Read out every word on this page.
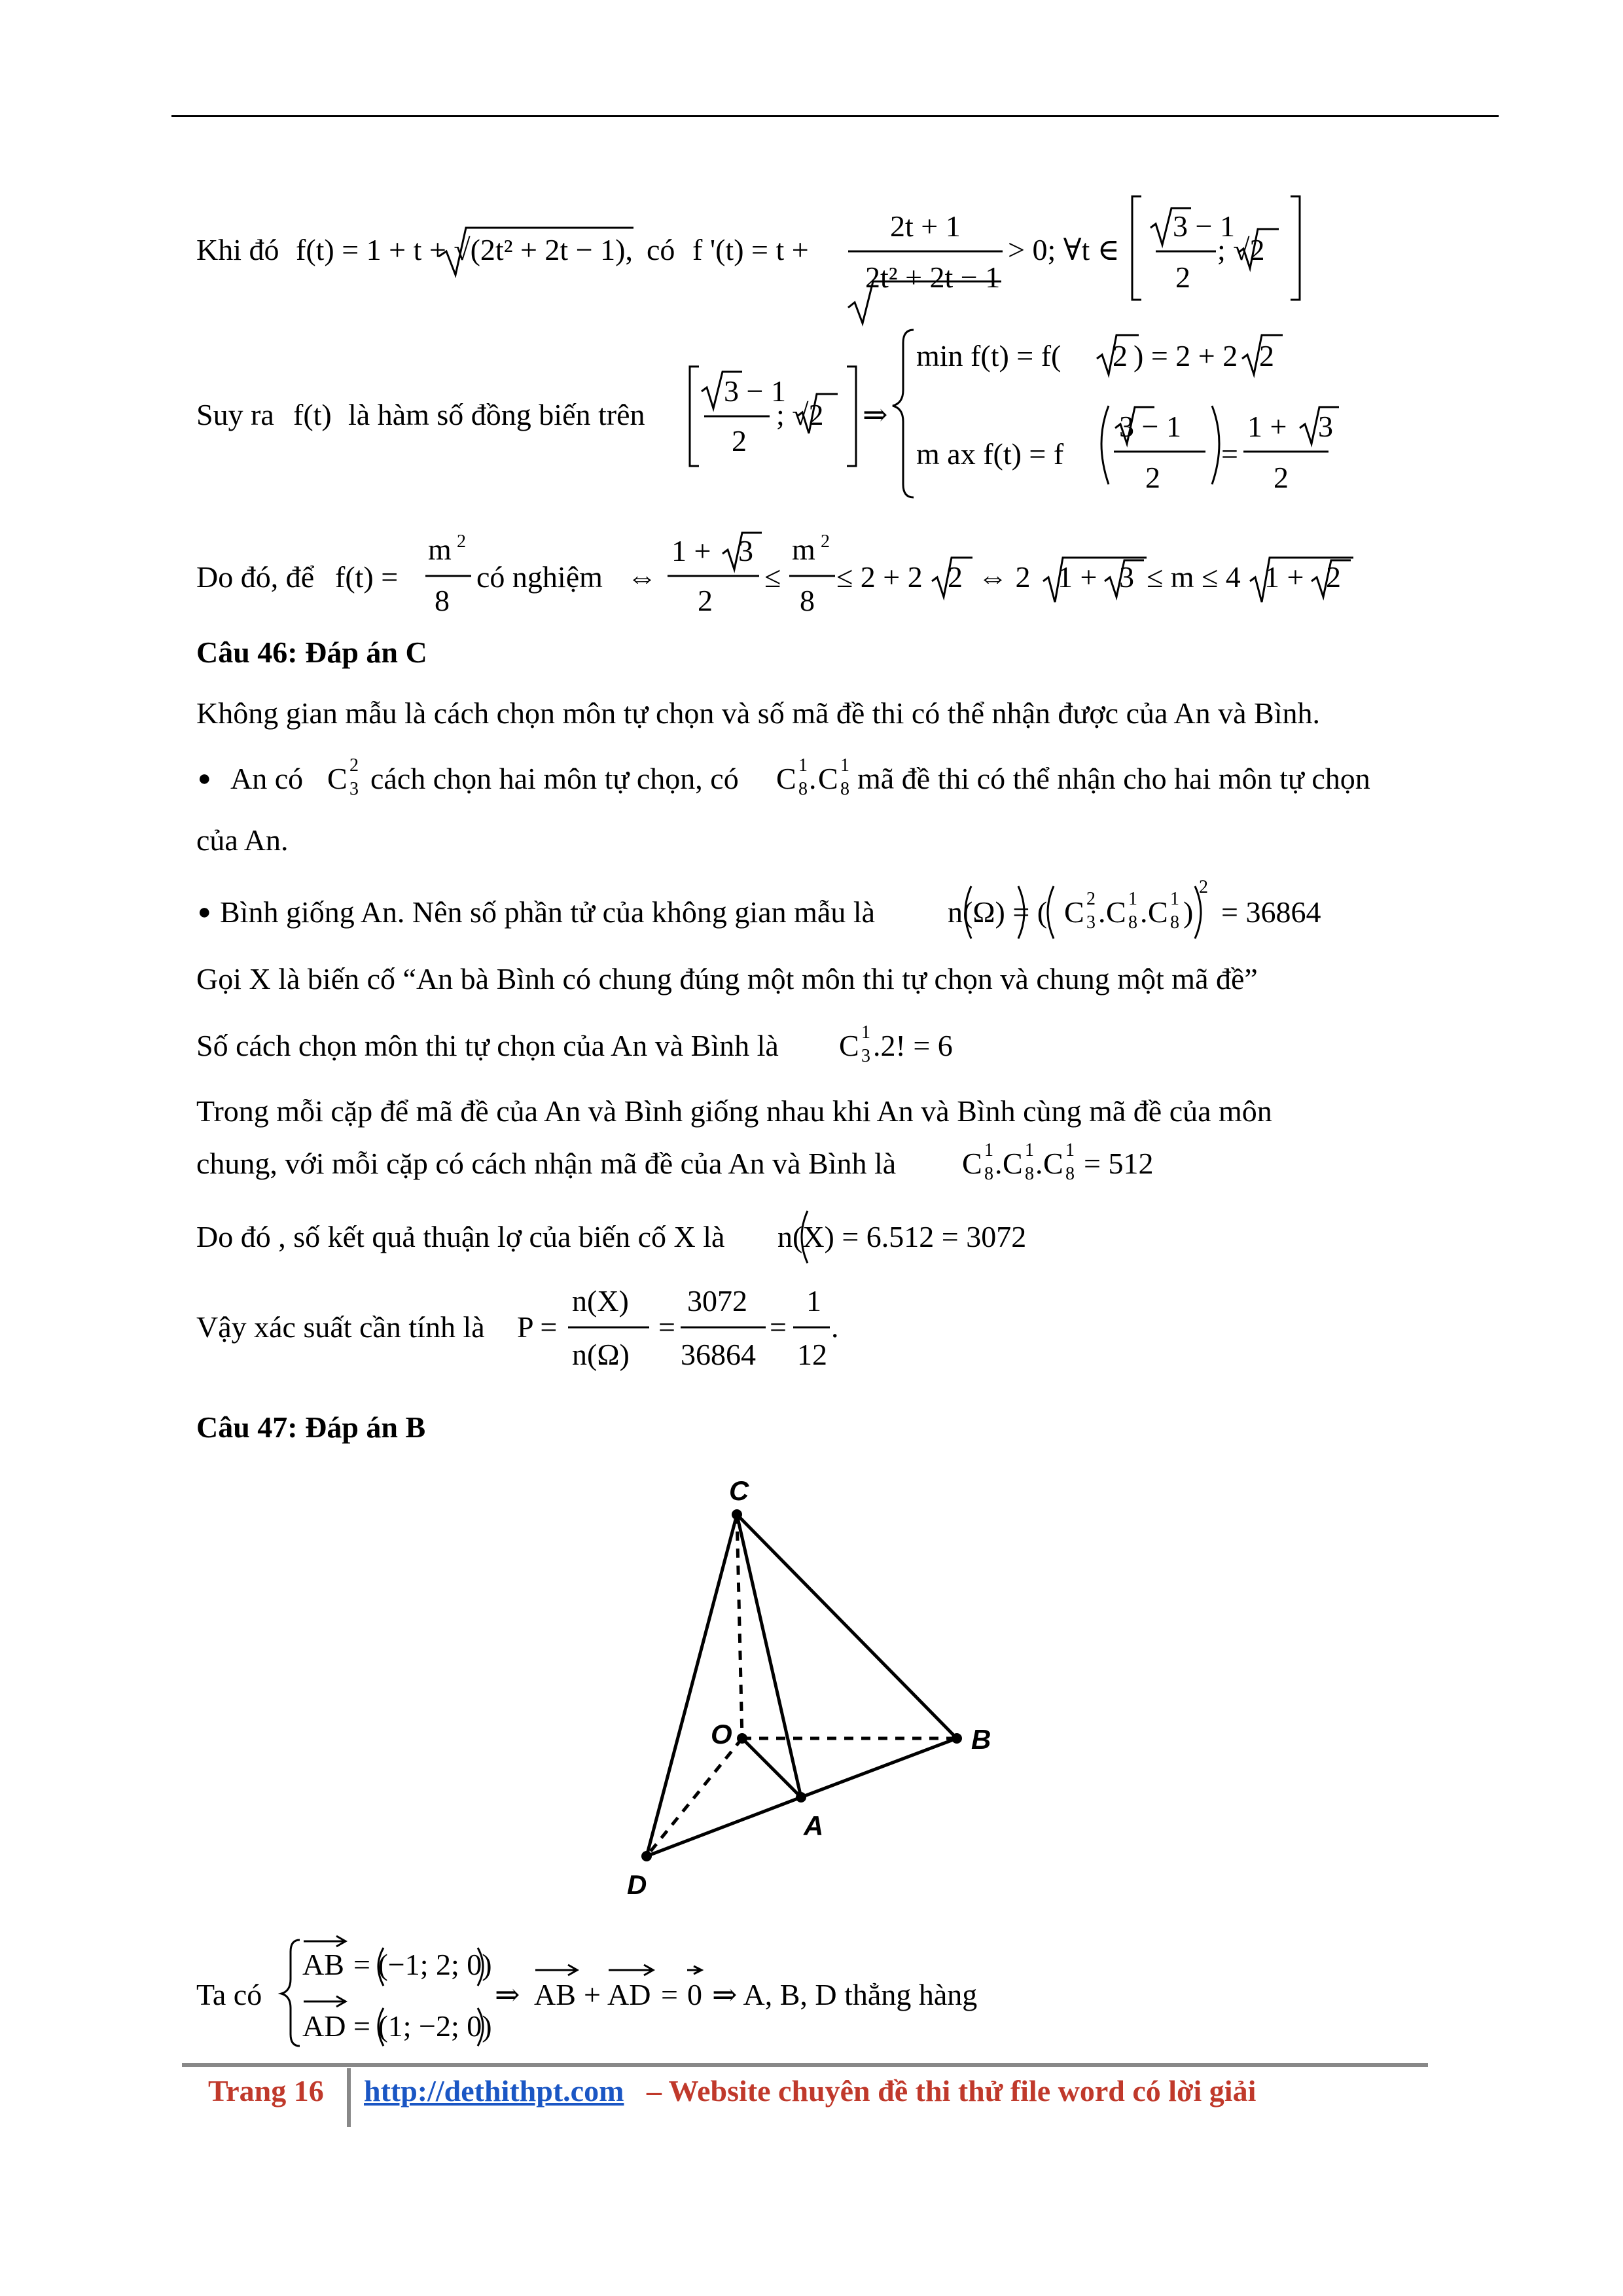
Khi đó f(t) = 1 + t + √(2t² + 2t − 1), có f '(t) = t +
2t + 1
2t² + 2t − 1
> 0; ∀t ∈
3 − 1
2
; √2
Suy ra f(t) là hàm số đồng biến trên
3 − 1
2
; √2 ⇒
min f(t) = f( 2 ) = 2 + 2 2
m ax f(t) = f
3 − 1
2
=
1 + 3
2
Do đó, để f(t) =
m 2
8
có nghiệm ⇔
1 + 3
2
≤
m 2
8
≤ 2 + 2 2 ⇔ 2 1 + 3 ≤ m ≤ 4 1 + 2
Câu 46: Đáp án C
Không gian mẫu là cách chọn môn tự chọn và số mã đề thi có thể nhận được của An và Bình.
● An có C 2
3 cách chọn hai môn tự chọn, có C 1
8 . C 1
8 mã đề thi có thể nhận cho hai môn tự chọn
của An.
● Bình giống An. Nên số phần tử của không gian mẫu là n(Ω) = ( C 2
3 . C 1
8 . C 1
8 )
2
= 36864
Gọi X là biến cố “An bà Bình có chung đúng một môn thi tự chọn và chung một mã đề”
Số cách chọn môn thi tự chọn của An và Bình là C 1
3 .2! = 6
Trong mỗi cặp để mã đề của An và Bình giống nhau khi An và Bình cùng mã đề của môn
chung, với mỗi cặp có cách nhận mã đề của An và Bình là C 1
8 . C 1
8 . C 1
8 = 512
Do đó , số kết quả thuận lợ của biến cố X là n(X) = 6.512 = 3072
Vậy xác suất cần tính là P =
n(X)
n(Ω)
=
3072
36864
=
1
12
.
Câu 47: Đáp án B
C
O	B
A
D
Ta có
AB = (−1; 2; 0)
AD = (1; −2; 0)
⇒ AB + AD = 0 ⇒ A, B, D thẳng hàng
Trang 16 http://dethithpt.com – Website chuyên đề thi thử file word có lời giải
